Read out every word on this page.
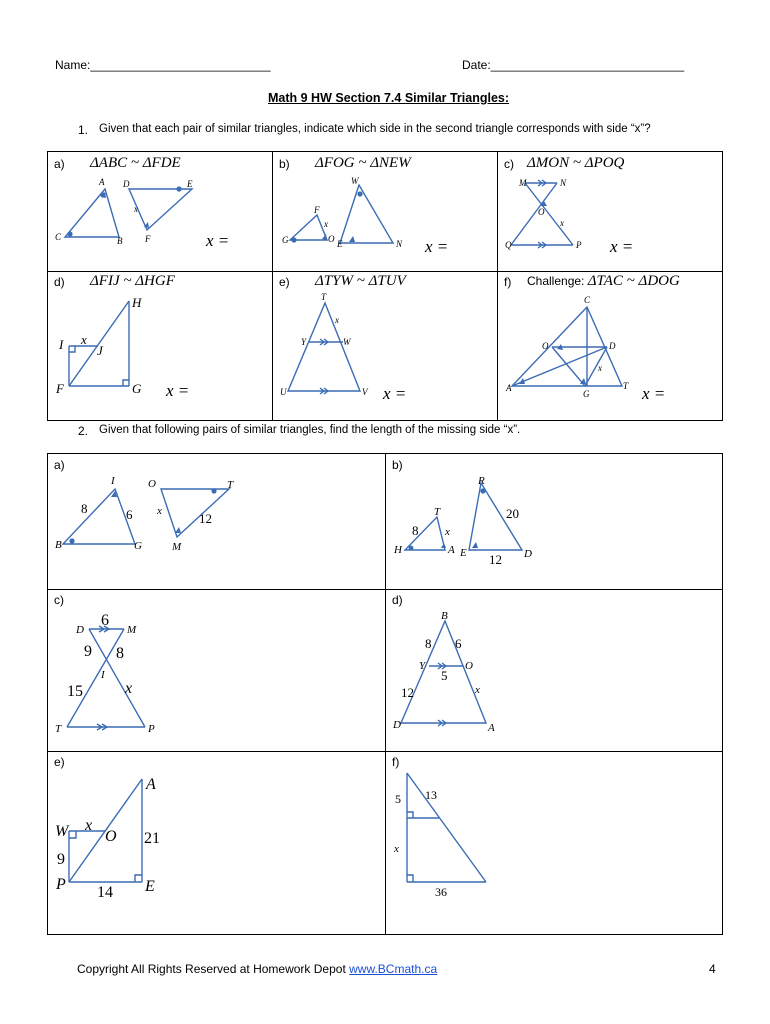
Name:___________________________	Date:_____________________________
Math 9 HW Section 7.4 Similar Triangles:
1. Given that each pair of similar triangles, indicate which side in the second triangle corresponds with side “x”?
a) ΔABC ~ ΔFDE
A
B
C
D	E
F
x
x =
b) ΔFOG ~ ΔNEW
F
O
G
W
E	N
x
x =
c) ΔMON ~ ΔPOQ
M	N
O
Q	P
x
x =
d) ΔFIJ ~ ΔHGF
H
I	J
F	G
x
x =
e) ΔTYW ~ ΔTUV
T
Y	W
U	V
x
x =
f) Challenge: ΔTAC ~ ΔDOG
C
O	D
A
G
T
x
x =
2. Given that following pairs of similar triangles, find the length of the missing side “x”.
a)
I
B	G
O	T
M
8	6 x	12
b)
T
H	A
R
E	D
20
8 x
12
c)
D	M
I
T	P
6
9 8
15	x
d)
B
Y	O
D	A
8 6
5
12	x
e)
A
W O
P	E
x
21
9
14
f)
5 13
x
36
Copyright All Rights Reserved at Homework Depot www.BCmath.ca	4
